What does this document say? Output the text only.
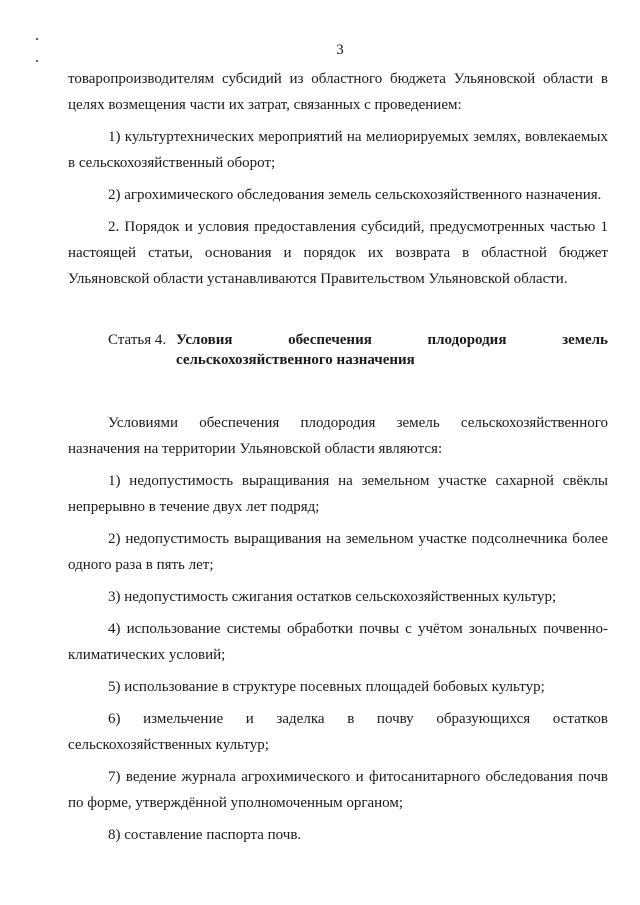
3

товаропроизводителям субсидий из областного бюджета Ульяновской области в целях возмещения части их затрат, связанных с проведением:

1) культуртехнических мероприятий на мелиорируемых землях, вовлекаемых в сельскохозяйственный оборот;

2) агрохимического обследования земель сельскохозяйственного назначения.

2. Порядок и условия предоставления субсидий, предусмотренных частью 1 настоящей статьи, основания и порядок их возврата в областной бюджет Ульяновской области устанавливаются Правительством Ульяновской области.

Статья 4. Условия обеспечения плодородия земель сельскохозяйственного назначения

Условиями обеспечения плодородия земель сельскохозяйственного назначения на территории Ульяновской области являются:

1) недопустимость выращивания на земельном участке сахарной свёклы непрерывно в течение двух лет подряд;

2) недопустимость выращивания на земельном участке подсолнечника более одного раза в пять лет;

3) недопустимость сжигания остатков сельскохозяйственных культур;

4) использование системы обработки почвы с учётом зональных почвенно-климатических условий;

5) использование в структуре посевных площадей бобовых культур;

6) измельчение и заделка в почву образующихся остатков сельскохозяйственных культур;

7) ведение журнала агрохимического и фитосанитарного обследования почв по форме, утверждённой уполномоченным органом;

8) составление паспорта почв.
